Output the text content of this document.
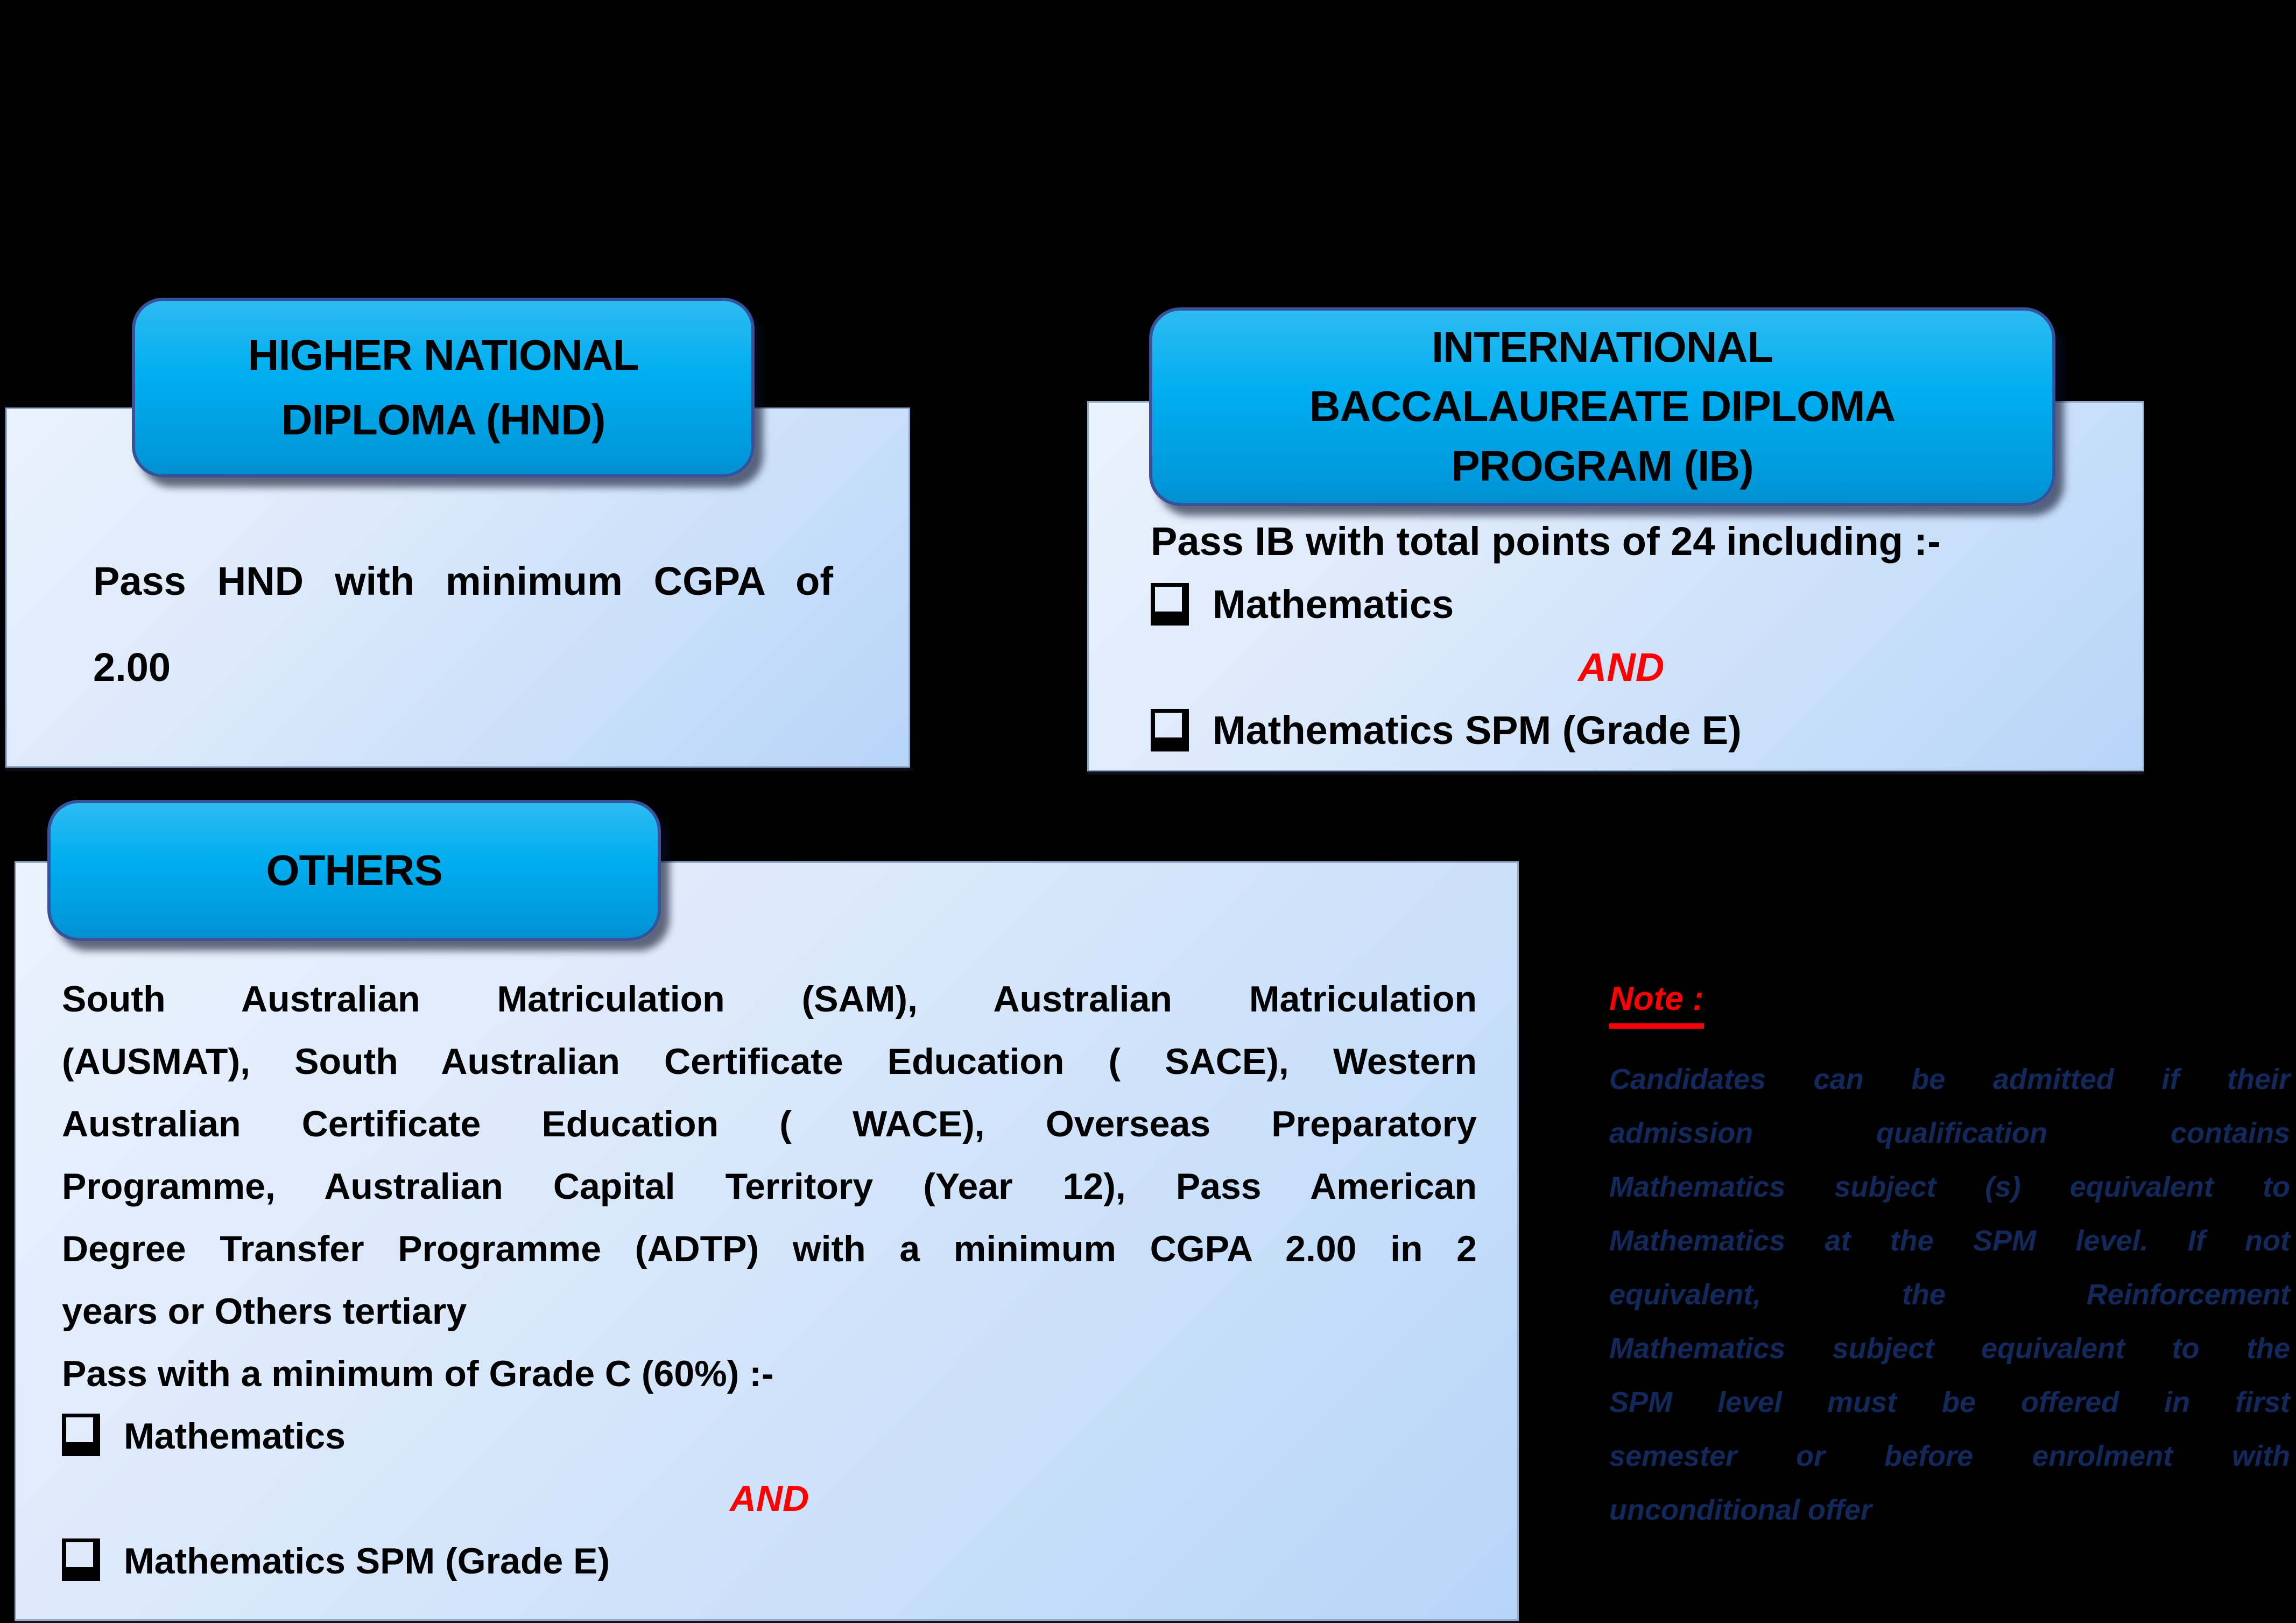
HIGHER NATIONAL
DIPLOMA (HND)
Pass HND with minimum CGPA of
2.00
INTERNATIONAL
BACCALAUREATE DIPLOMA
PROGRAM (IB)
Pass IB with total points of 24 including :-
Mathematics
AND
Mathematics SPM (Grade E)
OTHERS
South Australian Matriculation (SAM), Australian Matriculation
(AUSMAT), South Australian Certificate Education ( SACE), Western
Australian Certificate Education ( WACE), Overseas Preparatory
Programme, Australian Capital Territory (Year 12), Pass American
Degree Transfer Programme (ADTP) with a minimum CGPA 2.00 in 2
years or Others tertiary
Pass with a minimum of Grade C (60%) :-
Mathematics
AND
Mathematics SPM (Grade E)
Note :
Candidates can be admitted if their
admission qualification contains
Mathematics subject (s) equivalent to
Mathematics at the SPM level. If not
equivalent, the Reinforcement
Mathematics subject equivalent to the
SPM level must be offered in first
semester or before enrolment with
unconditional offer
